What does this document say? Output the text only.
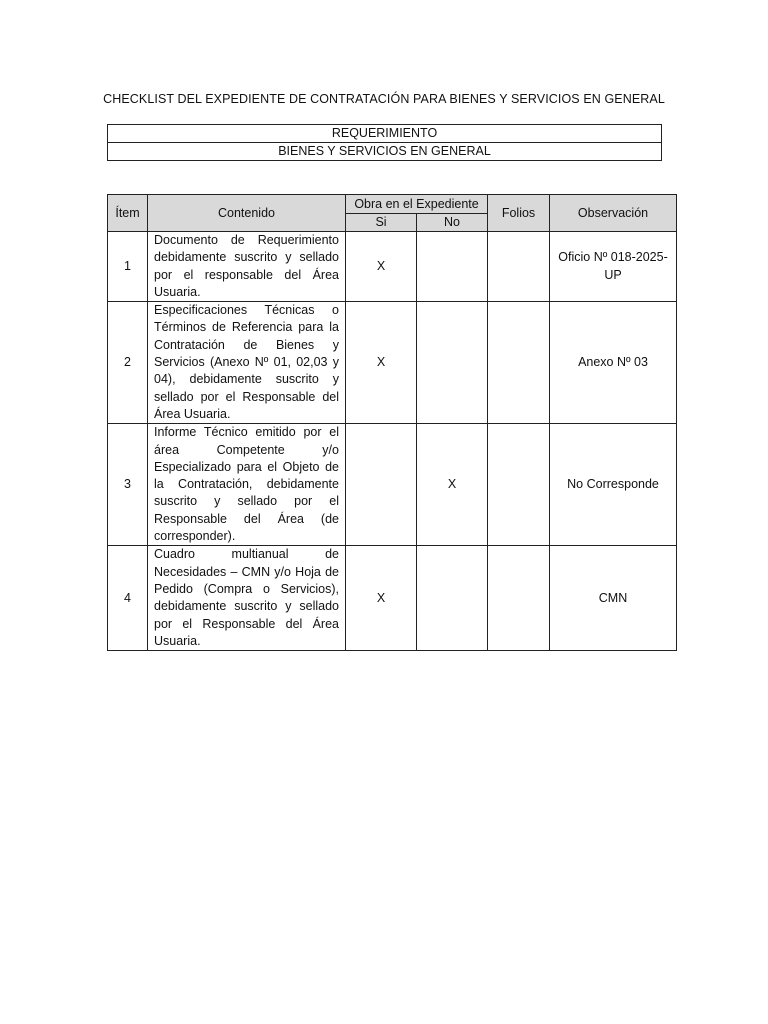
CHECKLIST DEL EXPEDIENTE DE CONTRATACIÓN PARA BIENES Y SERVICIOS EN GENERAL
REQUERIMIENTO
BIENES Y SERVICIOS EN GENERAL
Ítem	Contenido	Obra en el Expediente		Folios	Observación
		Si	No		
1	Documento de Requerimiento debidamente suscrito y sellado por el responsable del Área Usuaria.	X			Oficio Nº 018-2025-UP
2	Especificaciones Técnicas o Términos de Referencia para la Contratación de Bienes y Servicios (Anexo Nº 01, 02,03 y 04), debidamente suscrito y sellado por el Responsable del Área Usuaria.	X			Anexo Nº 03
3	Informe Técnico emitido por el área Competente y/o Especializado para el Objeto de la Contratación, debidamente suscrito y sellado por el Responsable del Área (de corresponder).		X		No Corresponde
4	Cuadro multianual de Necesidades – CMN y/o Hoja de Pedido (Compra o Servicios), debidamente suscrito y sellado por el Responsable del Área Usuaria.	X			CMN
